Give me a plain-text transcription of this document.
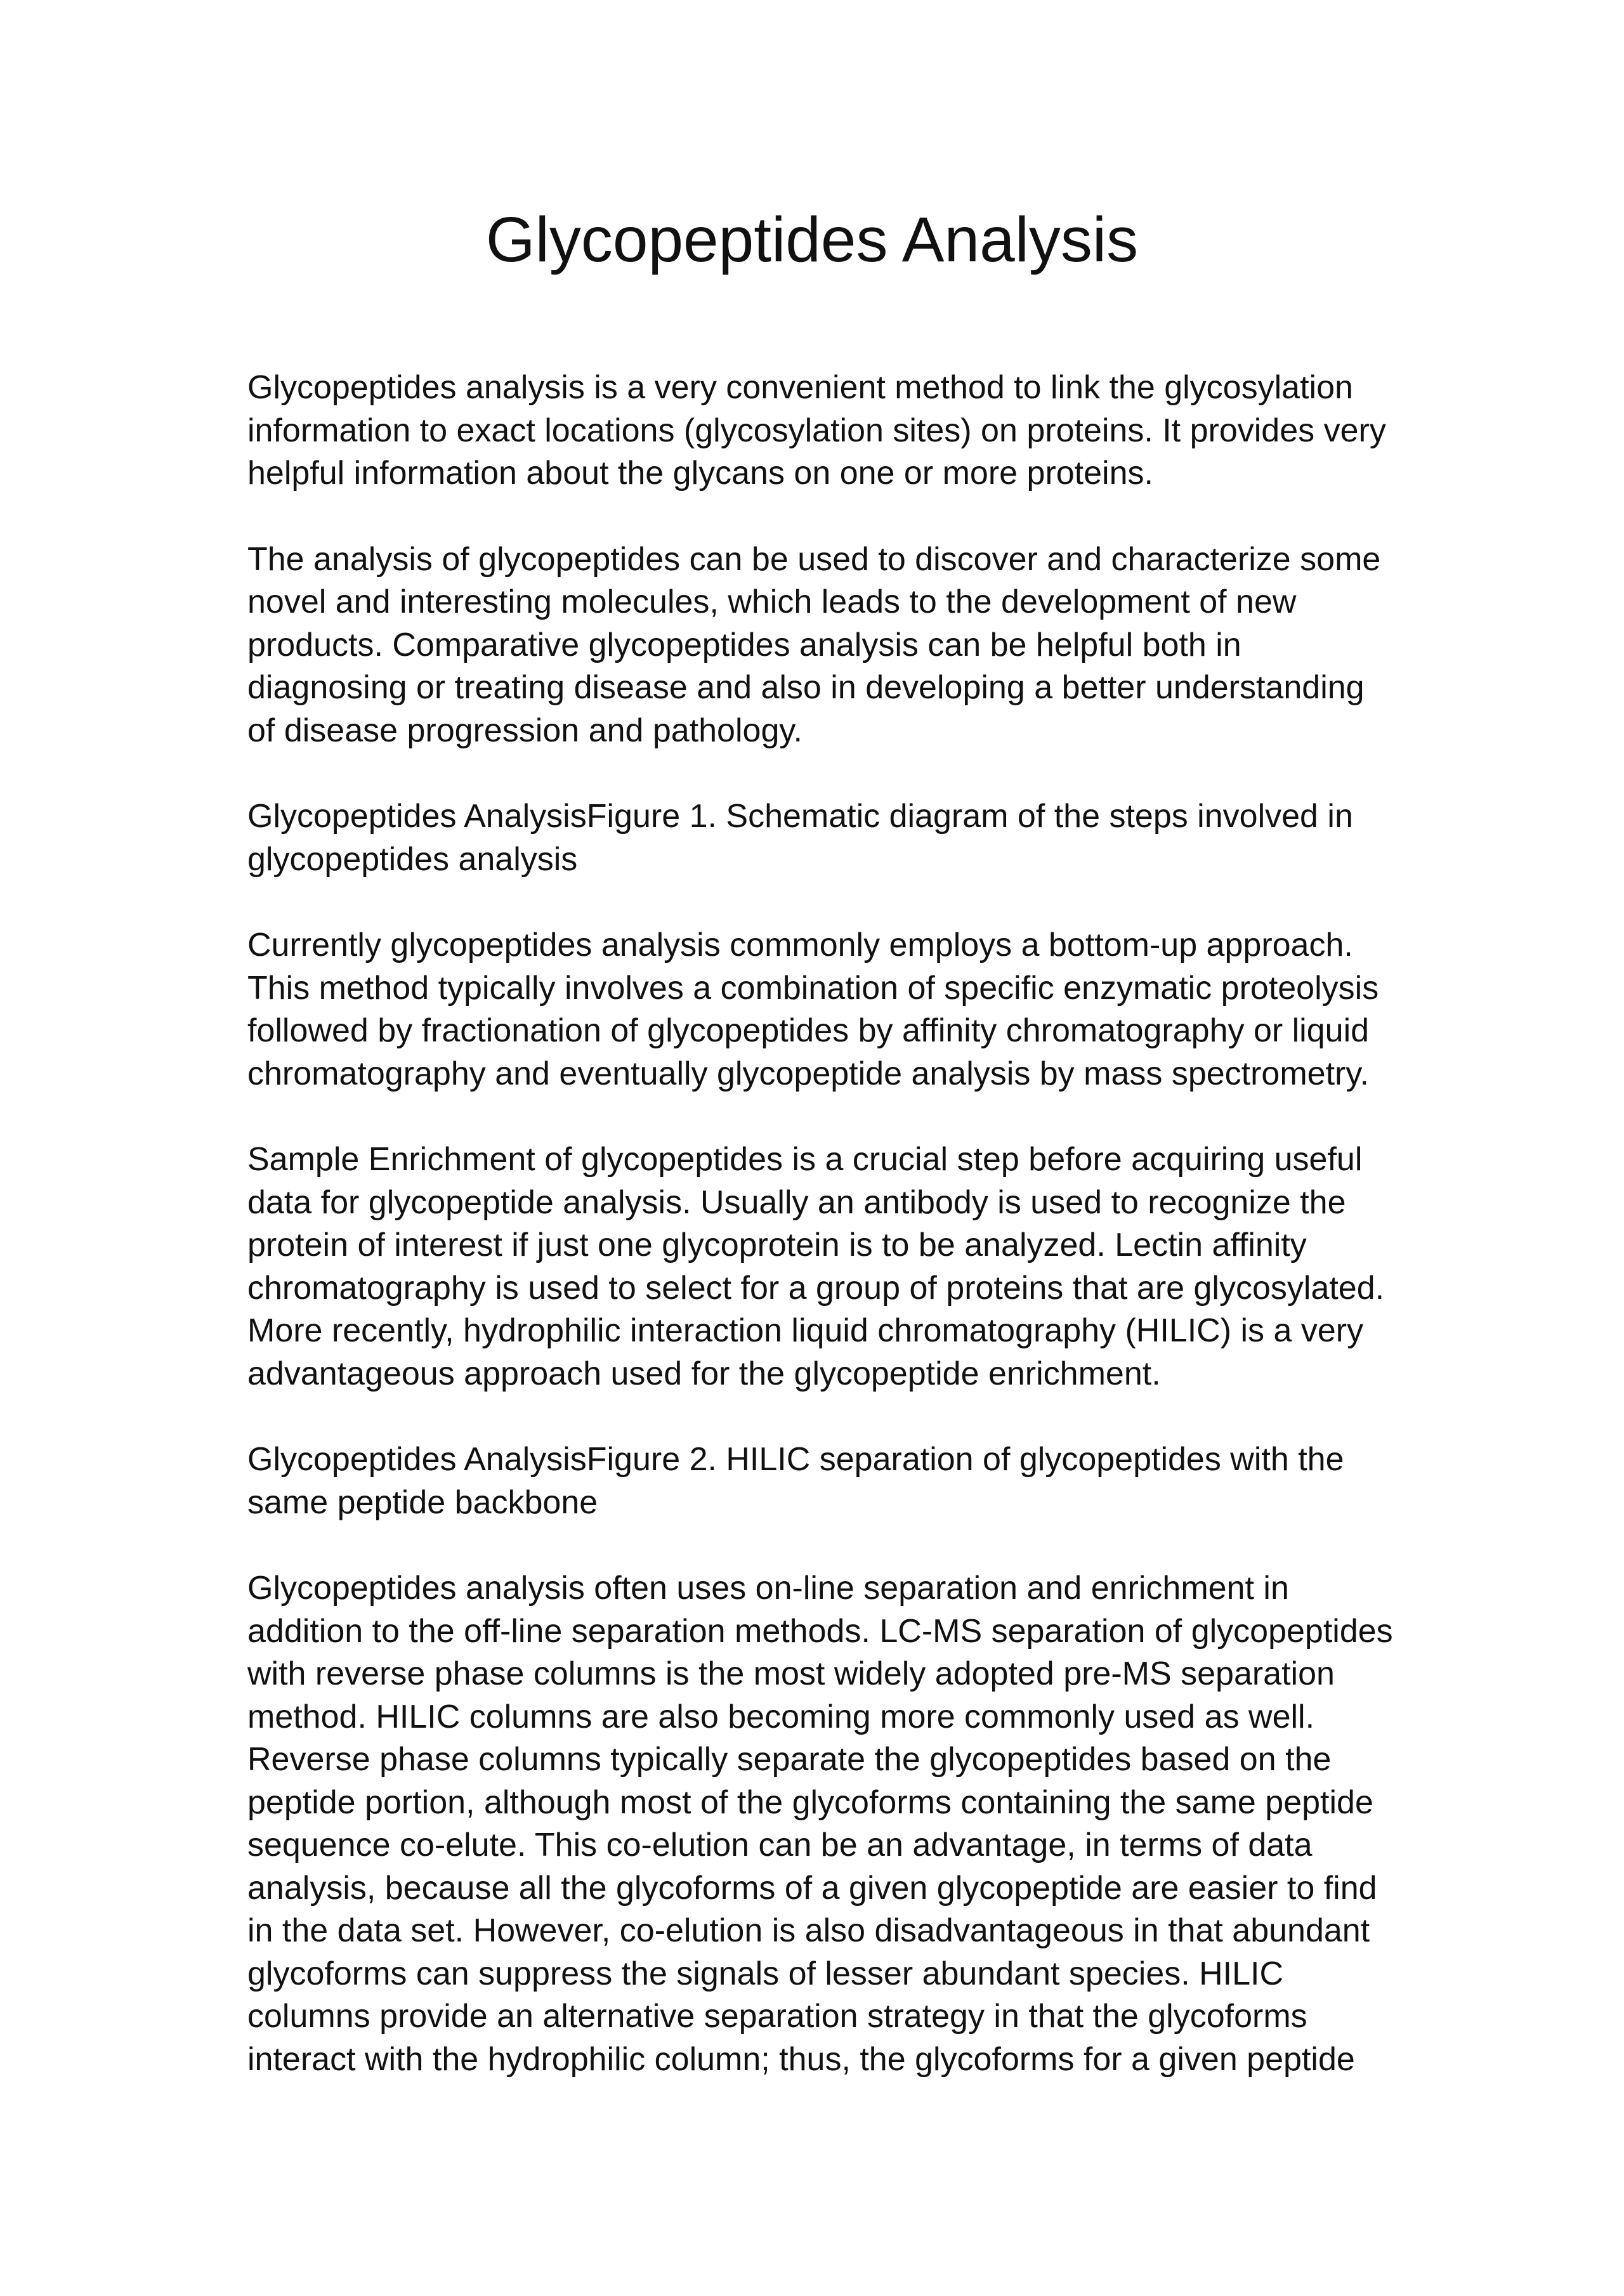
Glycopeptides Analysis

Glycopeptides analysis is a very convenient method to link the glycosylation
information to exact locations (glycosylation sites) on proteins. It provides very
helpful information about the glycans on one or more proteins.

The analysis of glycopeptides can be used to discover and characterize some
novel and interesting molecules, which leads to the development of new
products. Comparative glycopeptides analysis can be helpful both in
diagnosing or treating disease and also in developing a better understanding
of disease progression and pathology.

Glycopeptides AnalysisFigure 1. Schematic diagram of the steps involved in
glycopeptides analysis

Currently glycopeptides analysis commonly employs a bottom-up approach.
This method typically involves a combination of specific enzymatic proteolysis
followed by fractionation of glycopeptides by affinity chromatography or liquid
chromatography and eventually glycopeptide analysis by mass spectrometry.

Sample Enrichment of glycopeptides is a crucial step before acquiring useful
data for glycopeptide analysis. Usually an antibody is used to recognize the
protein of interest if just one glycoprotein is to be analyzed. Lectin affinity
chromatography is used to select for a group of proteins that are glycosylated.
More recently, hydrophilic interaction liquid chromatography (HILIC) is a very
advantageous approach used for the glycopeptide enrichment.

Glycopeptides AnalysisFigure 2. HILIC separation of glycopeptides with the
same peptide backbone

Glycopeptides analysis often uses on-line separation and enrichment in
addition to the off-line separation methods. LC-MS separation of glycopeptides
with reverse phase columns is the most widely adopted pre-MS separation
method. HILIC columns are also becoming more commonly used as well.
Reverse phase columns typically separate the glycopeptides based on the
peptide portion, although most of the glycoforms containing the same peptide
sequence co-elute. This co-elution can be an advantage, in terms of data
analysis, because all the glycoforms of a given glycopeptide are easier to find
in the data set. However, co-elution is also disadvantageous in that abundant
glycoforms can suppress the signals of lesser abundant species. HILIC
columns provide an alternative separation strategy in that the glycoforms
interact with the hydrophilic column; thus, the glycoforms for a given peptide
